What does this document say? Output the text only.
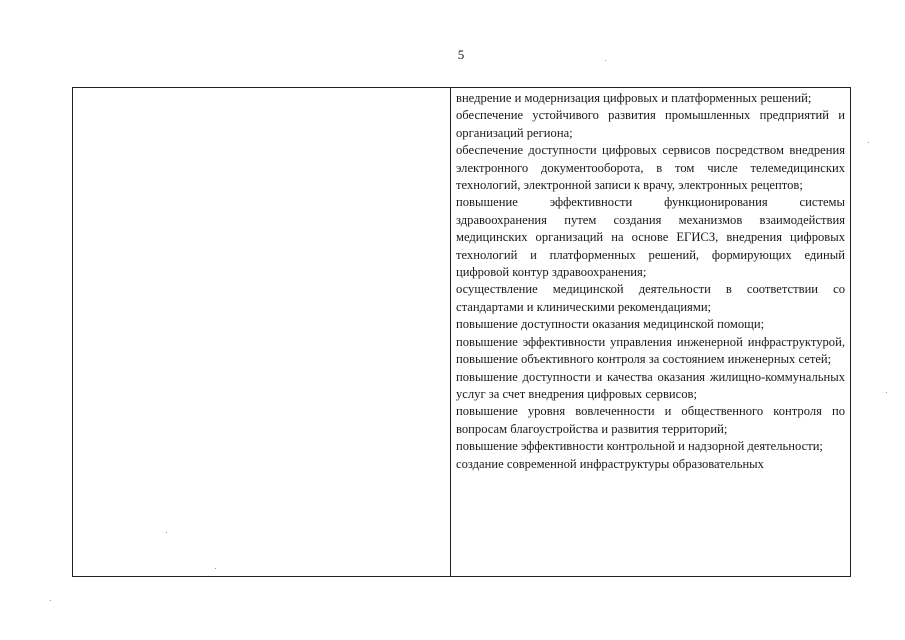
5
внедрение и модернизация цифровых и платформенных решений;
обеспечение устойчивого развития промышленных предприятий и организаций региона;
обеспечение доступности цифровых сервисов посредством внедрения электронного документооборота, в том числе телемедицинских технологий, электронной записи к врачу, электронных рецептов;
повышение эффективности функционирования системы здравоохранения путем создания механизмов взаимодействия медицинских организаций на основе ЕГИСЗ, внедрения цифровых технологий и платформенных решений, формирующих единый цифровой контур здравоохранения;
осуществление медицинской деятельности в соответствии со стандартами и клиническими рекомендациями;
повышение доступности оказания медицинской помощи;
повышение эффективности управления инженерной инфраструктурой, повышение объективного контроля за состоянием инженерных сетей;
повышение доступности и качества оказания жилищно-коммунальных услуг за счет внедрения цифровых сервисов;
повышение уровня вовлеченности и общественного контроля по вопросам благоустройства и развития территорий;
повышение эффективности контрольной и надзорной деятельности;
создание современной инфраструктуры образовательных
